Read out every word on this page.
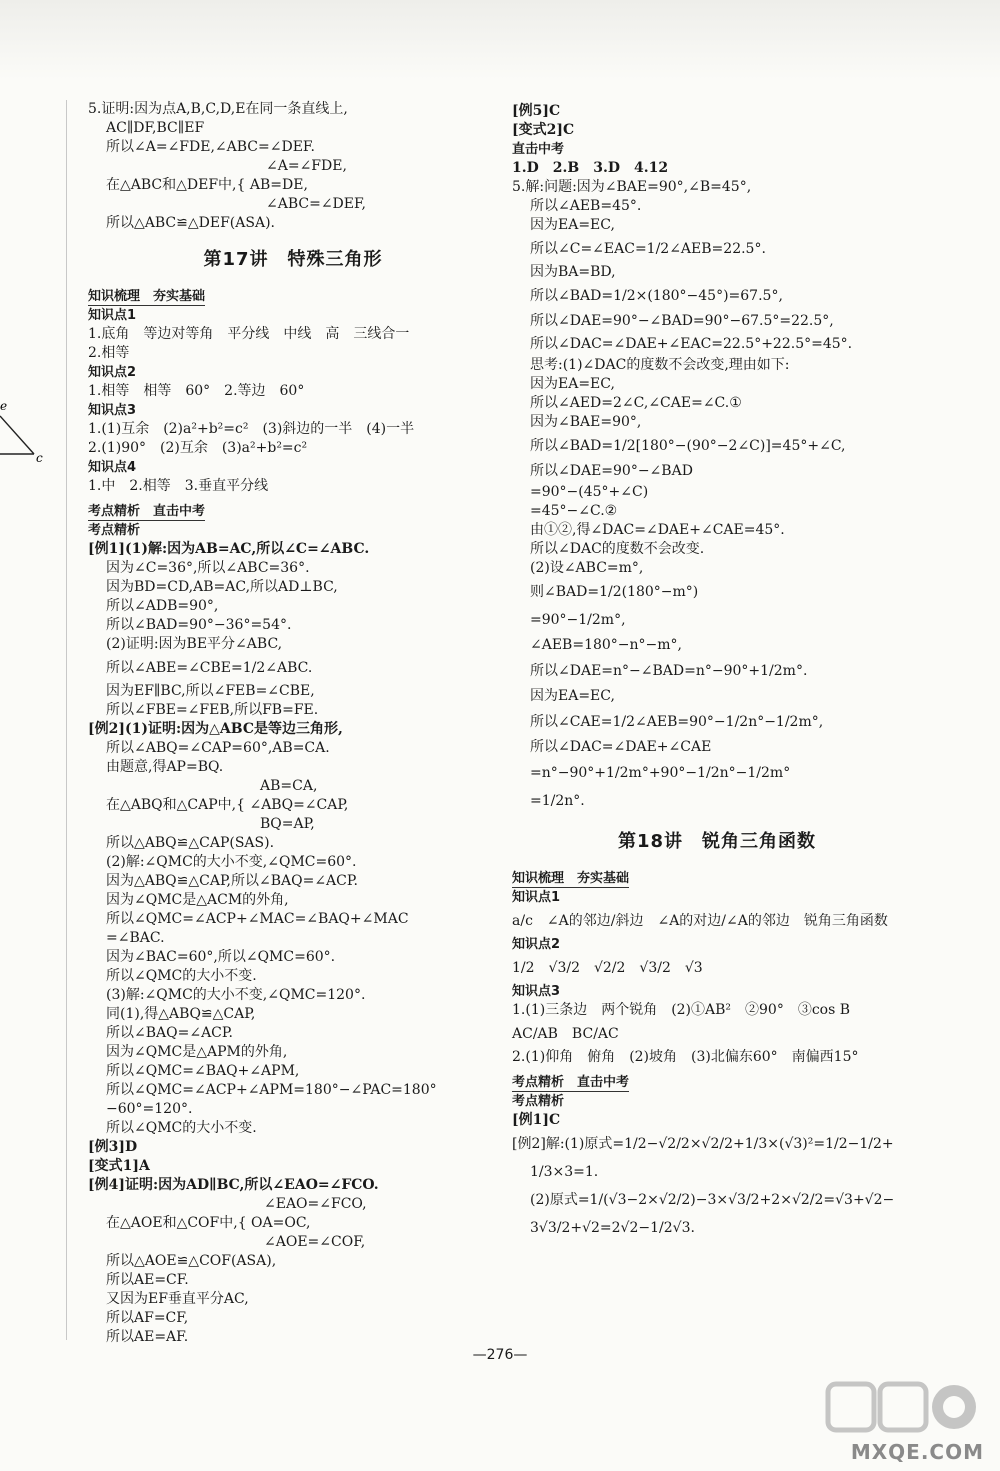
e
c
5.证明:因为点A,B,C,D,E在同一条直线上,
AC∥DF,BC∥EF
所以∠A=∠FDE,∠ABC=∠DEF.
∠A=∠FDE,
在△ABC和△DEF中,{ AB=DE,
∠ABC=∠DEF,
所以△ABC≌△DEF(ASA).
第17讲　特殊三角形
知识梳理　夯实基础
知识点1
1.底角　等边对等角　平分线　中线　高　三线合一
2.相等
知识点2
1.相等　相等　60°　2.等边　60°
知识点3
1.(1)互余　(2)a²+b²=c²　(3)斜边的一半　(4)一半
2.(1)90°　(2)互余　(3)a²+b²=c²
知识点4
1.中　2.相等　3.垂直平分线
考点精析　直击中考
考点精析
[例1](1)解:因为AB=AC,所以∠C=∠ABC.
因为∠C=36°,所以∠ABC=36°.
因为BD=CD,AB=AC,所以AD⊥BC,
所以∠ADB=90°,
所以∠BAD=90°−36°=54°.
(2)证明:因为BE平分∠ABC,
所以∠ABE=∠CBE=1/2∠ABC.
因为EF∥BC,所以∠FEB=∠CBE,
所以∠FBE=∠FEB,所以FB=FE.
[例2](1)证明:因为△ABC是等边三角形,
所以∠ABQ=∠CAP=60°,AB=CA.
由题意,得AP=BQ.
AB=CA,
在△ABQ和△CAP中,{ ∠ABQ=∠CAP,
BQ=AP,
所以△ABQ≌△CAP(SAS).
(2)解:∠QMC的大小不变,∠QMC=60°.
因为△ABQ≌△CAP,所以∠BAQ=∠ACP.
因为∠QMC是△ACM的外角,
所以∠QMC=∠ACP+∠MAC=∠BAQ+∠MAC
=∠BAC.
因为∠BAC=60°,所以∠QMC=60°.
所以∠QMC的大小不变.
(3)解:∠QMC的大小不变,∠QMC=120°.
同(1),得△ABQ≌△CAP,
所以∠BAQ=∠ACP.
因为∠QMC是△APM的外角,
所以∠QMC=∠BAQ+∠APM,
所以∠QMC=∠ACP+∠APM=180°−∠PAC=180°
−60°=120°.
所以∠QMC的大小不变.
[例3]D
[变式1]A
[例4]证明:因为AD∥BC,所以∠EAO=∠FCO.
∠EAO=∠FCO,
在△AOE和△COF中,{ OA=OC,
∠AOE=∠COF,
所以△AOE≌△COF(ASA),
所以AE=CF.
又因为EF垂直平分AC,
所以AF=CF,
所以AE=AF.
[例5]C
[变式2]C
直击中考
1.D　2.B　3.D　4.12
5.解:问题:因为∠BAE=90°,∠B=45°,
所以∠AEB=45°.
因为EA=EC,
所以∠C=∠EAC=1/2∠AEB=22.5°.
因为BA=BD,
所以∠BAD=1/2×(180°−45°)=67.5°,
所以∠DAE=90°−∠BAD=90°−67.5°=22.5°,
所以∠DAC=∠DAE+∠EAC=22.5°+22.5°=45°.
思考:(1)∠DAC的度数不会改变,理由如下:
因为EA=EC,
所以∠AED=2∠C,∠CAE=∠C.①
因为∠BAE=90°,
所以∠BAD=1/2[180°−(90°−2∠C)]=45°+∠C,
所以∠DAE=90°−∠BAD
=90°−(45°+∠C)
=45°−∠C.②
由①②,得∠DAC=∠DAE+∠CAE=45°.
所以∠DAC的度数不会改变.
(2)设∠ABC=m°,
则∠BAD=1/2(180°−m°)
=90°−1/2m°,
∠AEB=180°−n°−m°,
所以∠DAE=n°−∠BAD=n°−90°+1/2m°.
因为EA=EC,
所以∠CAE=1/2∠AEB=90°−1/2n°−1/2m°,
所以∠DAC=∠DAE+∠CAE
=n°−90°+1/2m°+90°−1/2n°−1/2m°
=1/2n°.
第18讲　锐角三角函数
知识梳理　夯实基础
知识点1
a/c　∠A的邻边/斜边　∠A的对边/∠A的邻边　锐角三角函数
知识点2
1/2　√3/2　√2/2　√3/2　√3
知识点3
1.(1)三条边　两个锐角　(2)①AB²　②90°　③cos B
AC/AB　BC/AC
2.(1)仰角　俯角　(2)坡角　(3)北偏东60°　南偏西15°
考点精析　直击中考
考点精析
[例1]C
[例2]解:(1)原式=1/2−√2/2×√2/2+1/3×(√3)²=1/2−1/2+
1/3×3=1.
(2)原式=1/(√3−2×√2/2)−3×√3/2+2×√2/2=√3+√2−
3√3/2+√2=2√2−1/2√3.
—276—
MXQE.COM
